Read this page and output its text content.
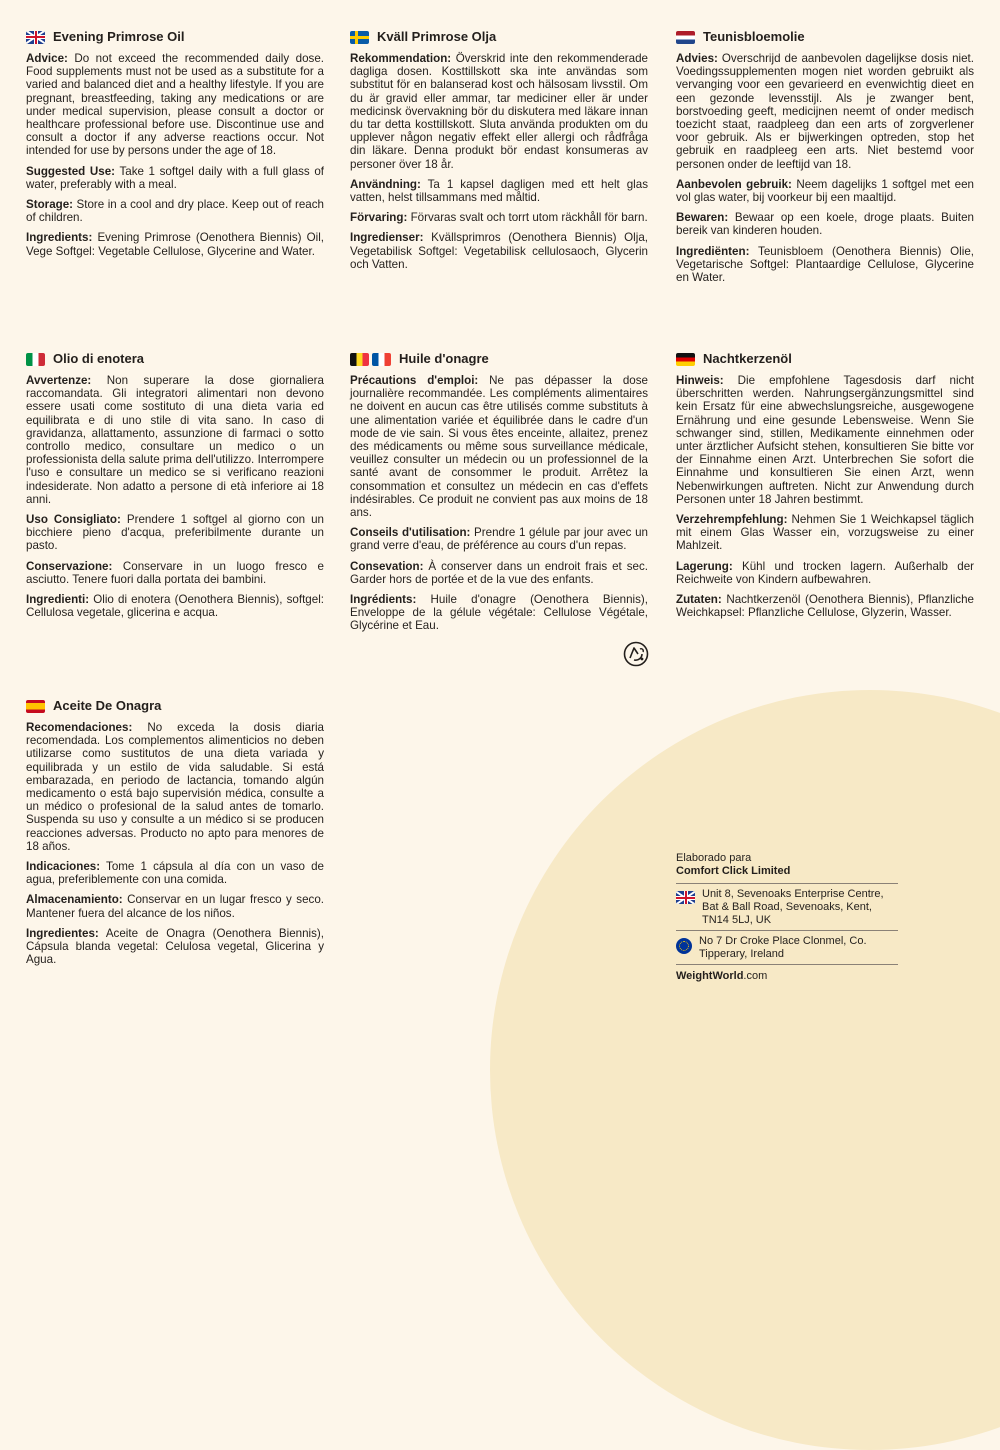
Evening Primrose Oil

Advice: Do not exceed the recommended daily dose. Food supplements must not be used as a substitute for a varied and balanced diet and a healthy lifestyle. If you are pregnant, breastfeeding, taking any medications or are under medical supervision, please consult a doctor or healthcare professional before use. Discontinue use and consult a doctor if any adverse reactions occur. Not intended for use by persons under the age of 18.

Suggested Use: Take 1 softgel daily with a full glass of water, preferably with a meal.

Storage: Store in a cool and dry place. Keep out of reach of children.

Ingredients: Evening Primrose (Oenothera Biennis) Oil, Vege Softgel: Vegetable Cellulose, Glycerine and Water.

Kväll Primrose Olja

Rekommendation: Överskrid inte den rekommenderade dagliga dosen. Kosttillskott ska inte användas som substitut för en balanserad kost och hälsosam livsstil. Om du är gravid eller ammar, tar mediciner eller är under medicinsk övervakning bör du diskutera med läkare innan du tar detta kosttillskott. Sluta använda produkten om du upplever någon negativ effekt eller allergi och rådfråga din läkare. Denna produkt bör endast konsumeras av personer över 18 år.

Användning: Ta 1 kapsel dagligen med ett helt glas vatten, helst tillsammans med måltid.

Förvaring: Förvaras svalt och torrt utom räckhåll för barn.

Ingredienser: Kvällsprimros (Oenothera Biennis) Olja, Vegetabilisk Softgel: Vegetabilisk cellulosaoch, Glycerin och Vatten.

Teunisbloemolie

Advies: Overschrijd de aanbevolen dagelijkse dosis niet. Voedingssupplementen mogen niet worden gebruikt als vervanging voor een gevarieerd en evenwichtig dieet en een gezonde levensstijl. Als je zwanger bent, borstvoeding geeft, medicijnen neemt of onder medisch toezicht staat, raadpleeg dan een arts of zorgverlener voor gebruik. Als er bijwerkingen optreden, stop het gebruik en raadpleeg een arts. Niet bestemd voor personen onder de leeftijd van 18.

Aanbevolen gebruik: Neem dagelijks 1 softgel met een vol glas water, bij voorkeur bij een maaltijd.

Bewaren: Bewaar op een koele, droge plaats. Buiten bereik van kinderen houden.

Ingrediënten: Teunisbloem (Oenothera Biennis) Olie, Vegetarische Softgel: Plantaardige Cellulose, Glycerine en Water.

Olio di enotera

Avvertenze: Non superare la dose giornaliera raccomandata. Gli integratori alimentari non devono essere usati come sostituto di una dieta varia ed equilibrata e di uno stile di vita sano. In caso di gravidanza, allattamento, assunzione di farmaci o sotto controllo medico, consultare un medico o un professionista della salute prima dell'utilizzo. Interrompere l'uso e consultare un medico se si verificano reazioni indesiderate. Non adatto a persone di età inferiore ai 18 anni.

Uso Consigliato: Prendere 1 softgel al giorno con un bicchiere pieno d'acqua, preferibilmente durante un pasto.

Conservazione: Conservare in un luogo fresco e asciutto. Tenere fuori dalla portata dei bambini.

Ingredienti: Olio di enotera (Oenothera Biennis), softgel: Cellulosa vegetale, glicerina e acqua.

Huile d'onagre

Précautions d'emploi: Ne pas dépasser la dose journalière recommandée. Les compléments alimentaires ne doivent en aucun cas être utilisés comme substituts à une alimentation variée et équilibrée dans le cadre d'un mode de vie sain. Si vous êtes enceinte, allaitez, prenez des médicaments ou même sous surveillance médicale, veuillez consulter un médecin ou un professionnel de la santé avant de consommer le produit. Arrêtez la consommation et consultez un médecin en cas d'effets indésirables. Ce produit ne convient pas aux moins de 18 ans.

Conseils d'utilisation: Prendre 1 gélule par jour avec un grand verre d'eau, de préférence au cours d'un repas.

Consevation: À conserver dans un endroit frais et sec. Garder hors de portée et de la vue des enfants.

Ingrédients: Huile d'onagre (Oenothera Biennis), Enveloppe de la gélule végétale: Cellulose Végétale, Glycérine et Eau.

Nachtkerzenöl

Hinweis: Die empfohlene Tagesdosis darf nicht überschritten werden. Nahrungsergänzungsmittel sind kein Ersatz für eine abwechslungsreiche, ausgewogene Ernährung und eine gesunde Lebensweise. Wenn Sie schwanger sind, stillen, Medikamente einnehmen oder unter ärztlicher Aufsicht stehen, konsultieren Sie bitte vor der Einnahme einen Arzt. Unterbrechen Sie sofort die Einnahme und konsultieren Sie einen Arzt, wenn Nebenwirkungen auftreten. Nicht zur Anwendung durch Personen unter 18 Jahren bestimmt.

Verzehrempfehlung: Nehmen Sie 1 Weichkapsel täglich mit einem Glas Wasser ein, vorzugsweise zu einer Mahlzeit.

Lagerung: Kühl und trocken lagern. Außerhalb der Reichweite von Kindern aufbewahren.

Zutaten: Nachtkerzenöl (Oenothera Biennis), Pflanzliche Weichkapsel: Pflanzliche Cellulose, Glyzerin, Wasser.

Aceite De Onagra

Recomendaciones: No exceda la dosis diaria recomendada. Los complementos alimenticios no deben utilizarse como sustitutos de una dieta variada y equilibrada y un estilo de vida saludable. Si está embarazada, en periodo de lactancia, tomando algún medicamento o está bajo supervisión médica, consulte a un médico o profesional de la salud antes de tomarlo. Suspenda su uso y consulte a un médico si se producen reacciones adversas. Producto no apto para menores de 18 años.

Indicaciones: Tome 1 cápsula al día con un vaso de agua, preferiblemente con una comida.

Almacenamiento: Conservar en un lugar fresco y seco. Mantener fuera del alcance de los niños.

Ingredientes: Aceite de Onagra (Oenothera Biennis), Cápsula blanda vegetal: Celulosa vegetal, Glicerina y Agua.

Elaborado para
Comfort Click Limited
Unit 8, Sevenoaks Enterprise Centre, Bat & Ball Road, Sevenoaks, Kent, TN14 5LJ, UK
No 7 Dr Croke Place Clonmel, Co. Tipperary, Ireland
WeightWorld.com
